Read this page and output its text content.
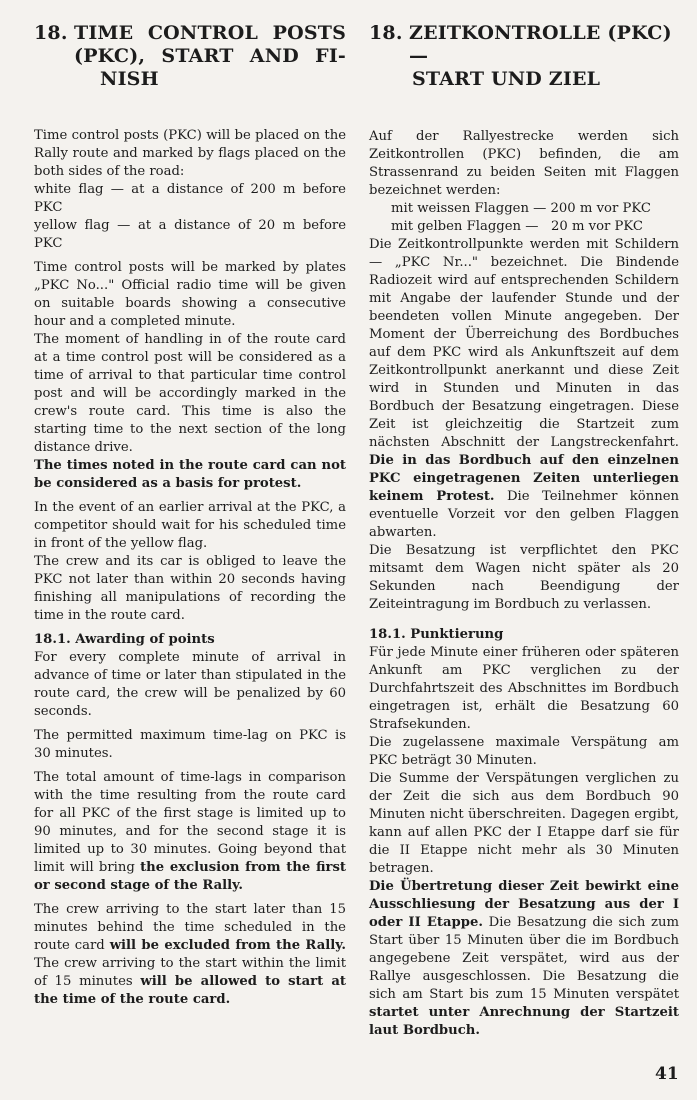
18. TIME CONTROL POSTS
(PKC), START AND FI-
NISH

Time control posts (PKC) will be placed on the Rally route and marked by flags placed on the both sides of the road:

white flag — at a distance of 200 m before PKC

yellow flag — at a distance of 20 m before PKC

Time control posts will be marked by plates „PKC No..." Official radio time will be given on suitable boards showing a consecutive hour and a completed minute.

The moment of handling in of the route card at a time control post will be considered as a time of arrival to that particular time control post and will be accordingly marked in the crew's route card. This time is also the starting time to the next section of the long distance drive.

The times noted in the route card can not be considered as a basis for protest.

In the event of an earlier arrival at the PKC, a competitor should wait for his scheduled time in front of the yellow flag.

The crew and its car is obliged to leave the PKC not later than within 20 seconds having finishing all manipulations of recording the time in the route card.

18.1. Awarding of points

For every complete minute of arrival in advance of time or later than stipulated in the route card, the crew will be penalized by 60 seconds.

The permitted maximum time-lag on PKC is 30 minutes.

The total amount of time-lags in comparison with the time resulting from the route card for all PKC of the first stage is limited up to 90 minutes, and for the second stage it is limited up to 30 minutes. Going beyond that limit will bring the exclusion from the first or second stage of the Rally.

The crew arriving to the start later than 15 minutes behind the time scheduled in the route card will be excluded from the Rally. The crew arriving to the start within the limit of 15 minutes will be allowed to start at the time of the route card.

18. ZEITKONTROLLE (PKC) —
START UND ZIEL

Auf der Rallyestrecke werden sich Zeitkontrollen (PKC) befinden, die am Strassenrand zu beiden Seiten mit Flaggen bezeichnet werden:

mit weissen Flaggen — 200 m vor PKC
mit gelben Flaggen —   20 m vor PKC

Die Zeitkontrollpunkte werden mit Schildern — „PKC Nr..." bezeichnet. Die Bindende Radiozeit wird auf entsprechenden Schildern mit Angabe der laufender Stunde und der beendeten vollen Minute angegeben. Der Moment der Überreichung des Bordbuches auf dem PKC wird als Ankunftszeit auf dem Zeitkontrollpunkt anerkannt und diese Zeit wird in Stunden und Minuten in das Bordbuch der Besatzung eingetragen. Diese Zeit ist gleichzeitig die Startzeit zum nächsten Abschnitt der Langstreckenfahrt. Die in das Bordbuch auf den einzelnen PKC eingetragenen Zeiten unterliegen keinem Protest. Die Teilnehmer können eventuelle Vorzeit vor den gelben Flaggen abwarten.

Die Besatzung ist verpflichtet den PKC mitsamt dem Wagen nicht später als 20 Sekunden nach Beendigung der Zeiteintragung im Bordbuch zu verlassen.

18.1. Punktierung

Für jede Minute einer früheren oder späteren Ankunft am PKC verglichen zu der Durchfahrtszeit des Abschnittes im Bordbuch eingetragen ist, erhält die Besatzung 60 Strafsekunden.

Die zugelassene maximale Verspätung am PKC beträgt 30 Minuten.

Die Summe der Verspätungen verglichen zu der Zeit die sich aus dem Bordbuch 90 Minuten nicht überschreiten. Dagegen ergibt, kann auf allen PKC der I Etappe darf sie für die II Etappe nicht mehr als 30 Minuten betragen.

Die Übertretung dieser Zeit bewirkt eine Ausschliesung der Besatzung aus der I oder II Etappe. Die Besatzung die sich zum Start über 15 Minuten über die im Bordbuch angegebene Zeit verspätet, wird aus der Rallye ausgeschlossen. Die Besatzung die sich am Start bis zum 15 Minuten verspätet startet unter Anrechnung der Startzeit laut Bordbuch.

41
